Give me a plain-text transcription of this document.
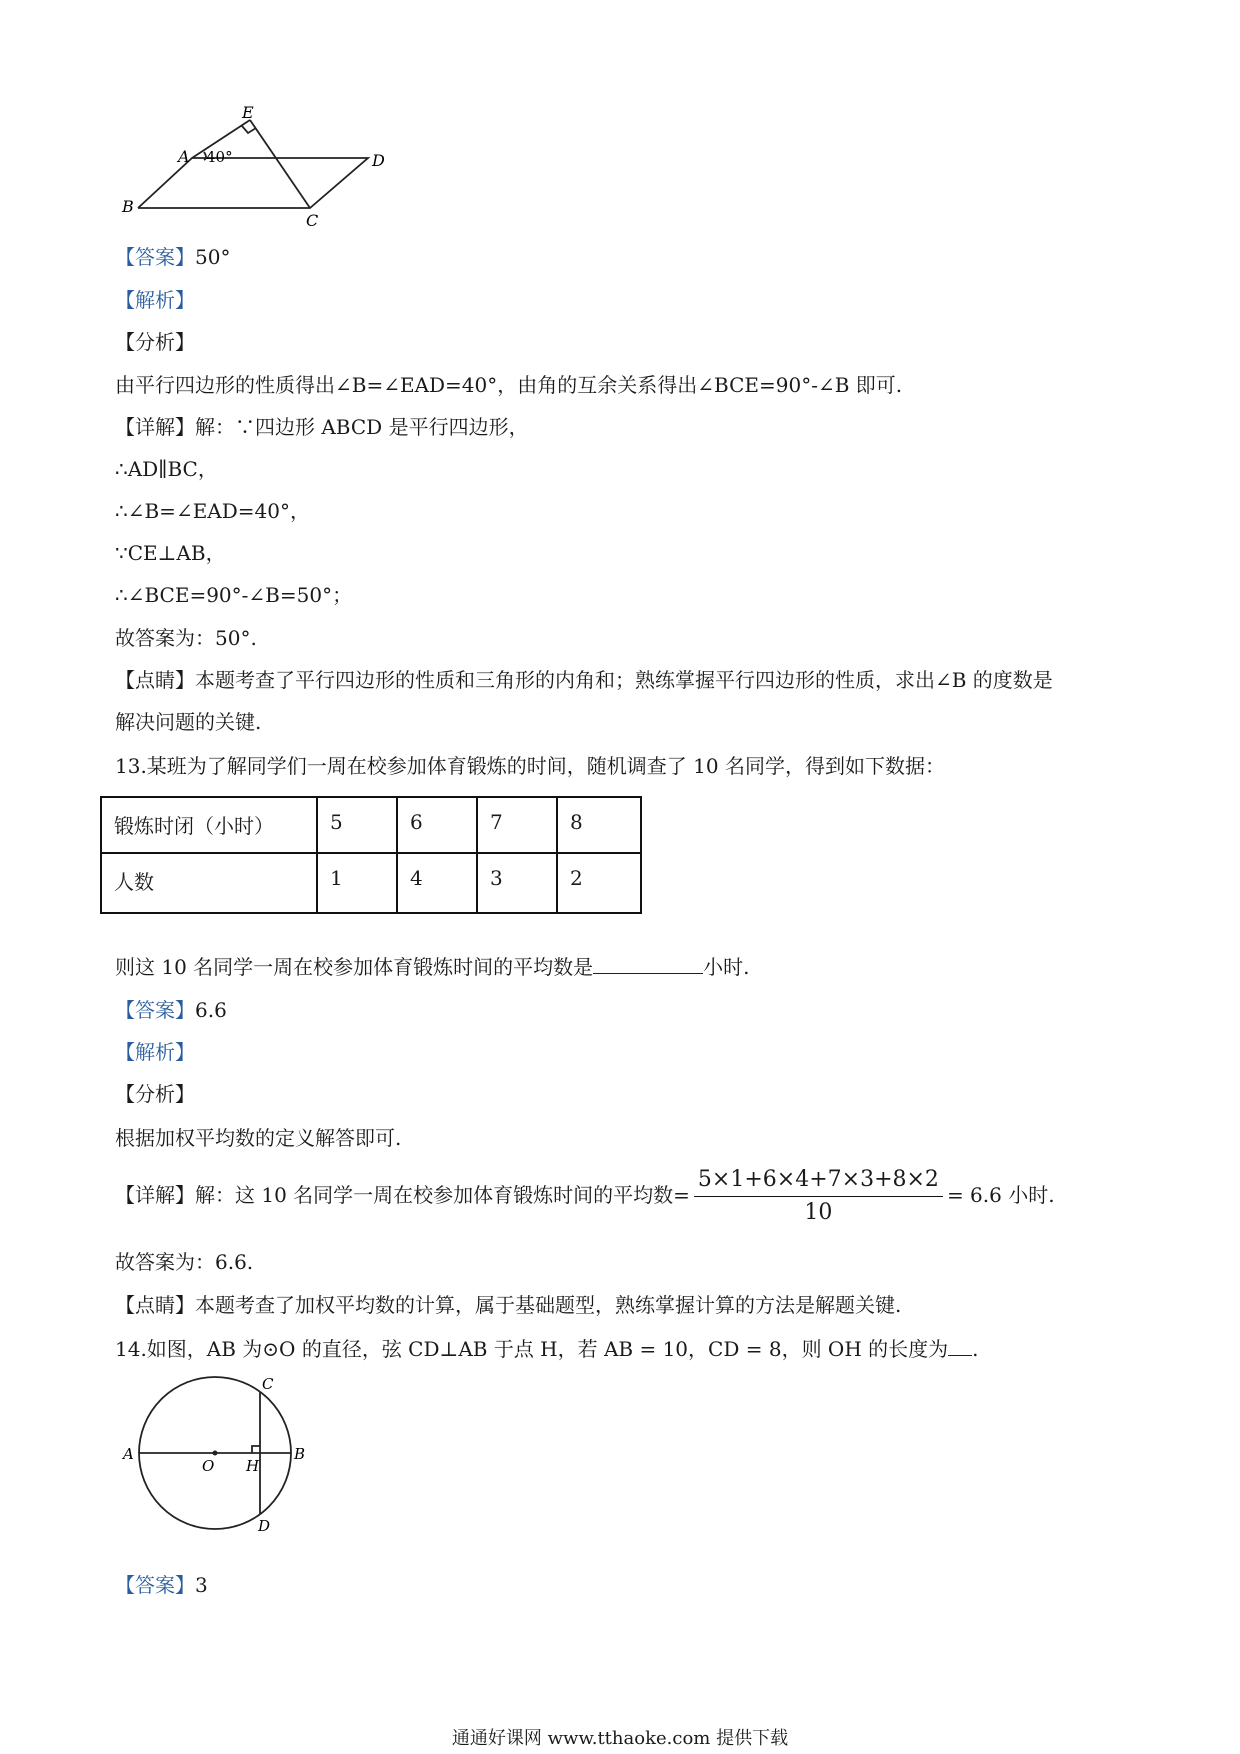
E
A 40°	D
B
C
【答案】50°
【解析】
【分析】
由平行四边形的性质得出∠B=∠EAD=40°，由角的互余关系得出∠BCE=90°-∠B 即可.
【详解】解：∵四边形 ABCD 是平行四边形，
∴AD∥BC，
∴∠B=∠EAD=40°，
∵CE⊥AB，
∴∠BCE=90°-∠B=50°；
故答案为：50°.
【点睛】本题考查了平行四边形的性质和三角形的内角和；熟练掌握平行四边形的性质，求出∠B 的度数是
解决问题的关键.
13.某班为了解同学们一周在校参加体育锻炼的时间，随机调查了 10 名同学，得到如下数据：
锻炼时闭（小时）	5	6	7	8
人数	1	4	3	2
则这 10 名同学一周在校参加体育锻炼时间的平均数是	小时.
【答案】6.6
【解析】
【分析】
根据加权平均数的定义解答即可.
【详解】解：这 10 名同学一周在校参加体育锻炼时间的平均数= $\frac{5\times 1+6\times 4+7\times 3+8\times 2}{10} = 6.6$ 小时.
故答案为：6.6.
【点睛】本题考查了加权平均数的计算，属于基础题型，熟练掌握计算的方法是解题关键.
14.如图，AB 为⊙O 的直径，弦 CD⊥AB 于点 H，若 AB = 10，CD = 8，则 OH 的长度为 .
A
O H
B
C
D
【答案】3
通通好课网 www.tthaoke.com 提供下载
